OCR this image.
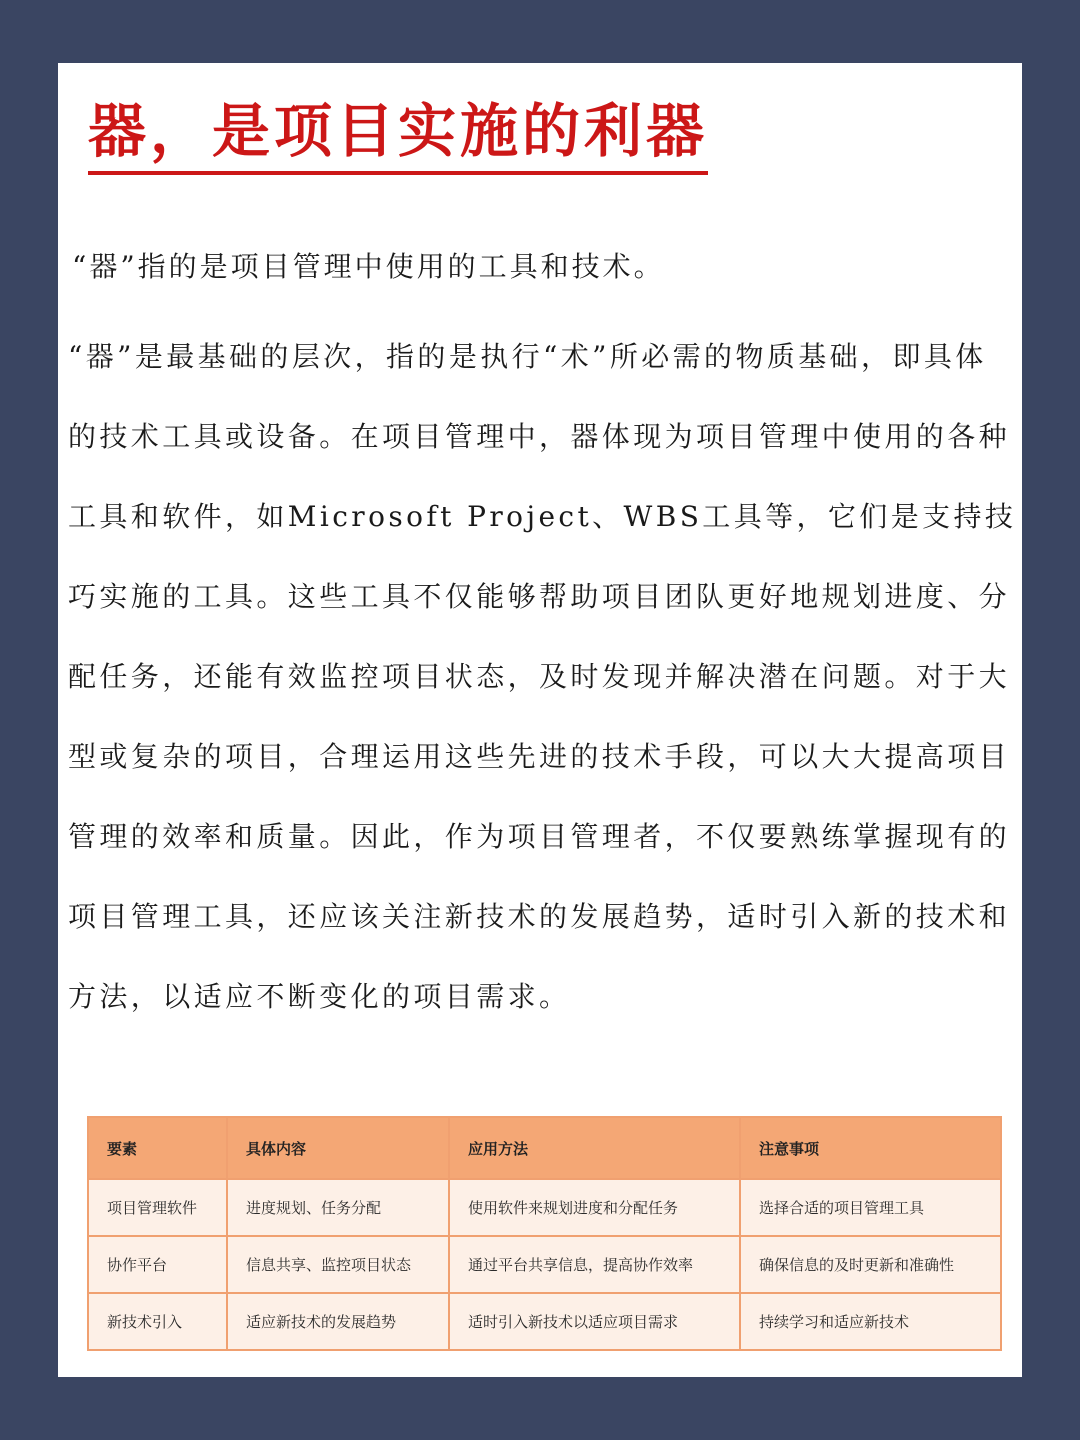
器，是项目实施的利器

“器”指的是项目管理中使用的工具和技术。

“器”是最基础的层次，指的是执行“术”所必需的物质基础，即具体的技术工具或设备。在项目管理中，器体现为项目管理中使用的各种工具和软件，如Microsoft Project、WBS工具等，它们是支持技巧实施的工具。这些工具不仅能够帮助项目团队更好地规划进度、分配任务，还能有效监控项目状态，及时发现并解决潜在问题。对于大型或复杂的项目，合理运用这些先进的技术手段，可以大大提高项目管理的效率和质量。因此，作为项目管理者，不仅要熟练掌握现有的项目管理工具，还应该关注新技术的发展趋势，适时引入新的技术和方法，以适应不断变化的项目需求。

要素	具体内容	应用方法	注意事项
项目管理软件	进度规划、任务分配	使用软件来规划进度和分配任务	选择合适的项目管理工具
协作平台	信息共享、监控项目状态	通过平台共享信息，提高协作效率	确保信息的及时更新和准确性
新技术引入	适应新技术的发展趋势	适时引入新技术以适应项目需求	持续学习和适应新技术
